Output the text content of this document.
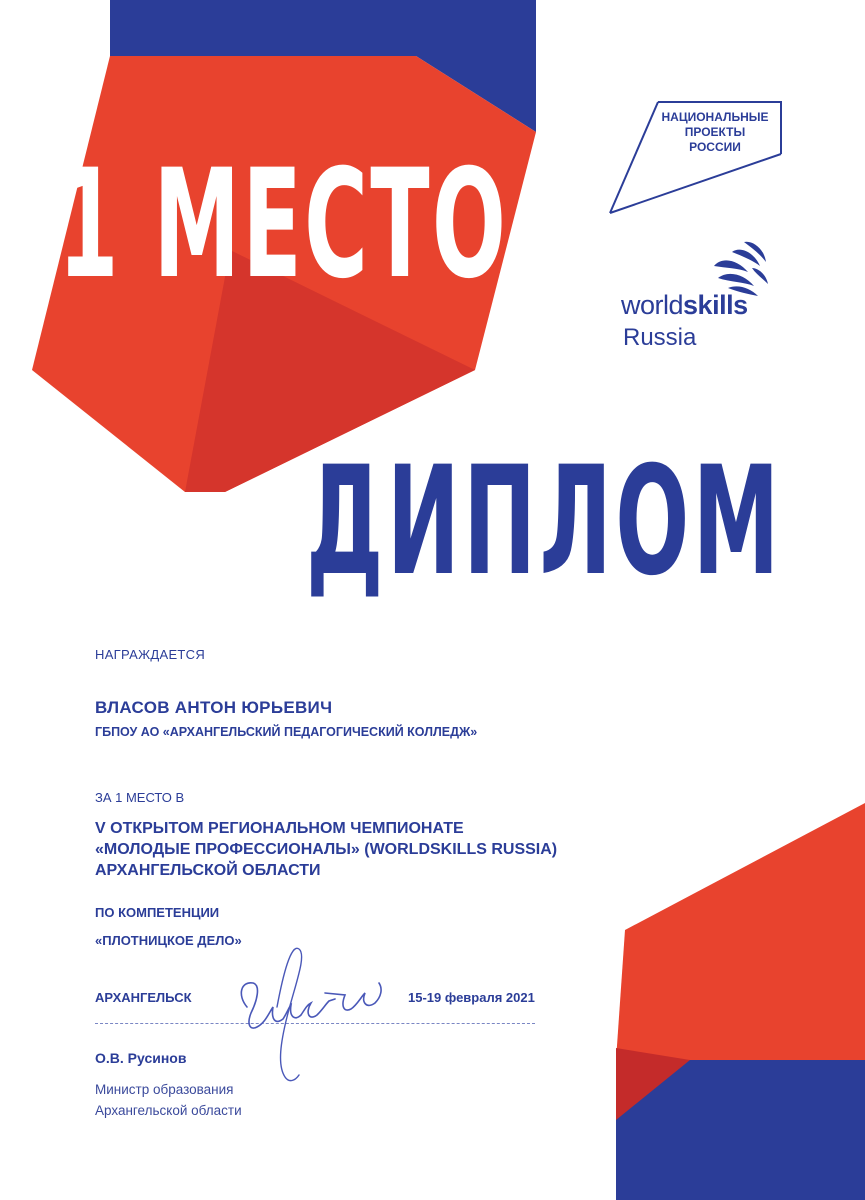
1 МЕСТО
ДИПЛОМ
НАЦИОНАЛЬНЫЕ
ПРОЕКТЫ
РОССИИ
worldskills
Russia
НАГРАЖДАЕТСЯ
ВЛАСОВ АНТОН ЮРЬЕВИЧ
ГБПОУ АО «АРХАНГЕЛЬСКИЙ ПЕДАГОГИЧЕСКИЙ КОЛЛЕДЖ»
ЗА 1 МЕСТО В
V ОТКРЫТОМ РЕГИОНАЛЬНОМ ЧЕМПИОНАТЕ
«МОЛОДЫЕ ПРОФЕССИОНАЛЫ» (WORLDSKILLS RUSSIA)
АРХАНГЕЛЬСКОЙ ОБЛАСТИ
ПО КОМПЕТЕНЦИИ
«ПЛОТНИЦКОЕ ДЕЛО»
АРХАНГЕЛЬСК	15-19 февраля 2021
О.В. Русинов
Министр образования
Архангельской области
